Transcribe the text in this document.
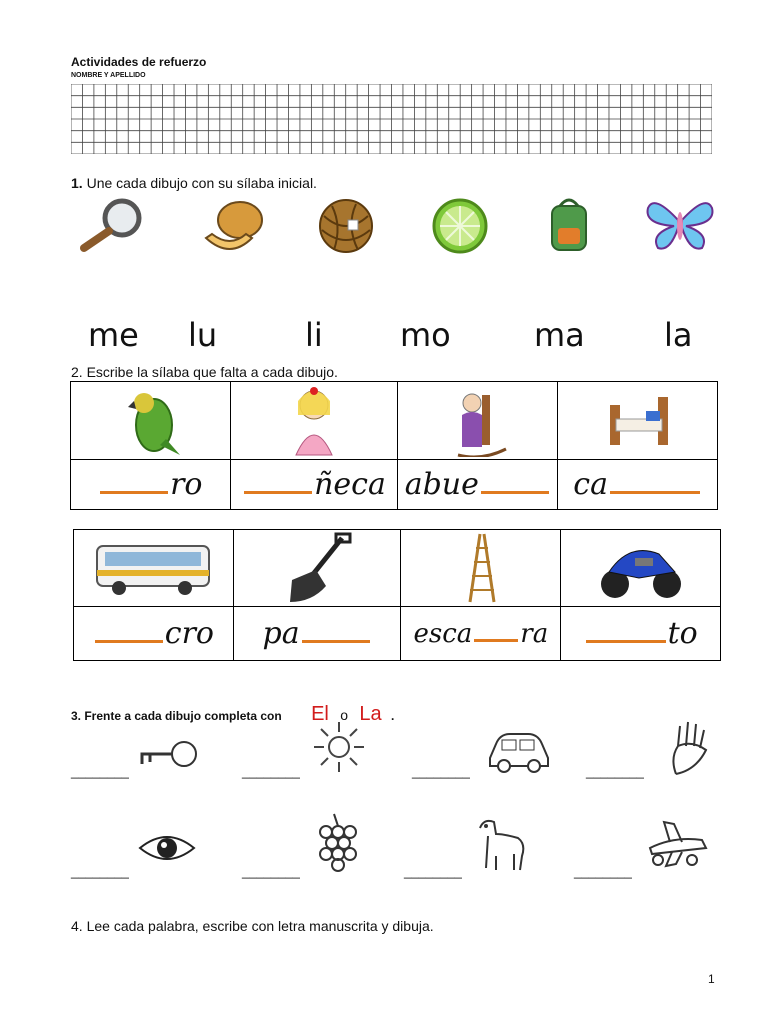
Actividades de refuerzo
NOMBRE Y APELLIDO
1. Une cada dibujo con su sílaba inicial.
me lu	li mo	ma la
2. Escribe la sílaba que falta a cada dibujo.

ro	ñeca	abue	ca

cro	pa	esca ra	to
3. Frente a cada dibujo completa con El o La .
________	________	________	________
________	________	________	________
4. Lee cada palabra, escribe con letra manuscrita y dibuja.
1
